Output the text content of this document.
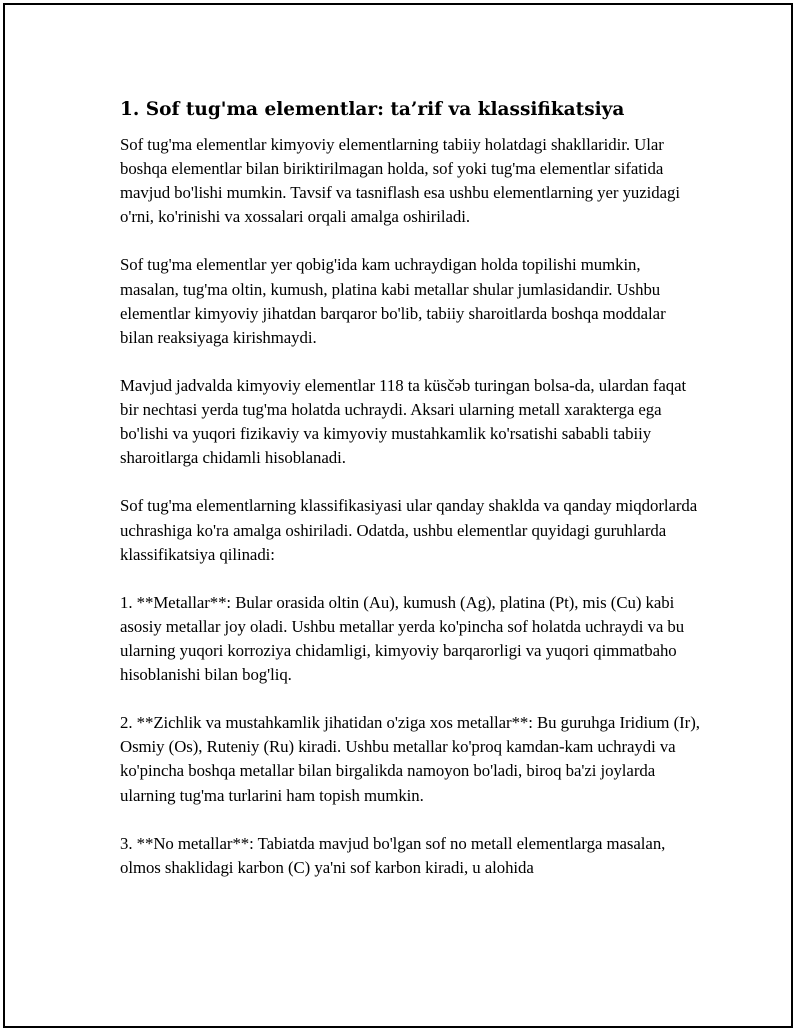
1. Sof tug'ma elementlar: ta’rif va klassifikatsiya

Sof tug'ma elementlar kimyoviy elementlarning tabiiy holatdagi shakllaridir. Ular boshqa elementlar bilan biriktirilmagan holda, sof yoki tug'ma elementlar sifatida mavjud bo'lishi mumkin. Tavsif va tasniflash esa ushbu elementlarning yer yuzidagi o'rni, ko'rinishi va xossalari orqali amalga oshiriladi.

Sof tug'ma elementlar yer qobig'ida kam uchraydigan holda topilishi mumkin, masalan, tug'ma oltin, kumush, platina kabi metallar shular jumlasidandir. Ushbu elementlar kimyoviy jihatdan barqaror bo'lib, tabiiy sharoitlarda boshqa moddalar bilan reaksiyaga kirishmaydi.

Mavjud jadvalda kimyoviy elementlar 118 ta küsčəb turingan bolsa-da, ulardan faqat bir nechtasi yerda tug'ma holatda uchraydi. Aksari ularning metall xarakterga ega bo'lishi va yuqori fizikaviy va kimyoviy mustahkamlik ko'rsatishi sababli tabiiy sharoitlarga chidamli hisoblanadi.

Sof tug'ma elementlarning klassifikasiyasi ular qanday shaklda va qanday miqdorlarda uchrashiga ko'ra amalga oshiriladi. Odatda, ushbu elementlar quyidagi guruhlarda klassifikatsiya qilinadi:

1. **Metallar**: Bular orasida oltin (Au), kumush (Ag), platina (Pt), mis (Cu) kabi asosiy metallar joy oladi. Ushbu metallar yerda ko'pincha sof holatda uchraydi va bu ularning yuqori korroziya chidamligi, kimyoviy barqarorligi va yuqori qimmatbaho hisoblanishi bilan bog'liq.

2. **Zichlik va mustahkamlik jihatidan o'ziga xos metallar**: Bu guruhga Iridium (Ir), Osmiy (Os), Ruteniy (Ru) kiradi. Ushbu metallar ko'proq kamdan-kam uchraydi va ko'pincha boshqa metallar bilan birgalikda namoyon bo'ladi, biroq ba'zi joylarda ularning tug'ma turlarini ham topish mumkin.

3. **No metallar**: Tabiatda mavjud bo'lgan sof no metall elementlarga masalan, olmos shaklidagi karbon (C) ya'ni sof karbon kiradi, u alohida
